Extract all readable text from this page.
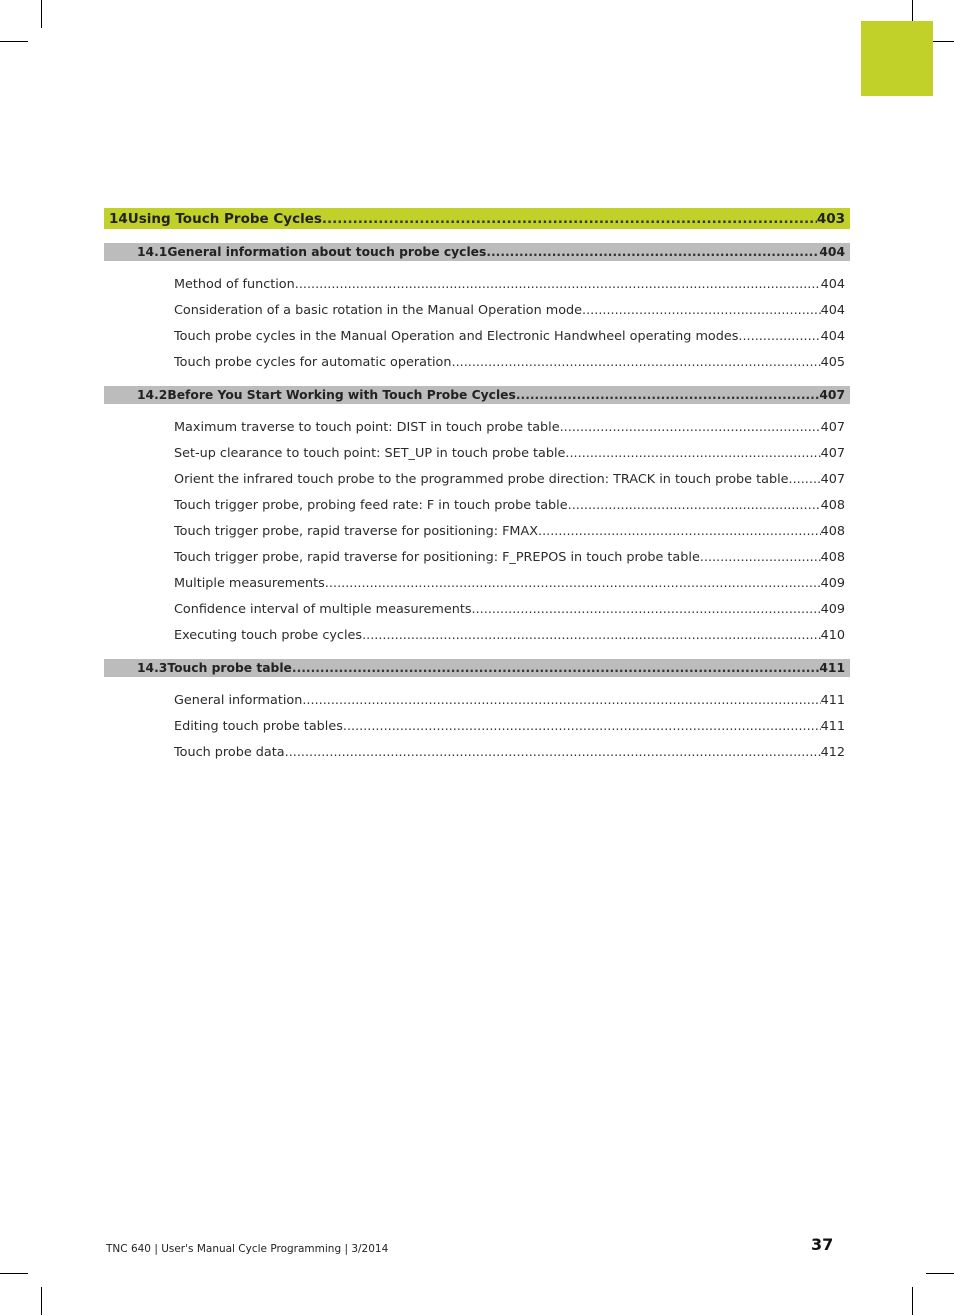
14 Using Touch Probe Cycles .....	403
14.1 General information about touch probe cycles .....	404
Method of function .....	404
Consideration of a basic rotation in the Manual Operation mode .....	404
Touch probe cycles in the Manual Operation and Electronic Handwheel operating modes .....	404
Touch probe cycles for automatic operation .....	405
14.2 Before You Start Working with Touch Probe Cycles .....	407
Maximum traverse to touch point: DIST in touch probe table .....	407
Set-up clearance to touch point: SET_UP in touch probe table .....	407
Orient the infrared touch probe to the programmed probe direction: TRACK in touch probe table .....	407
Touch trigger probe, probing feed rate: F in touch probe table .....	408
Touch trigger probe, rapid traverse for positioning: FMAX .....	408
Touch trigger probe, rapid traverse for positioning: F_PREPOS in touch probe table .....	408
Multiple measurements .....	409
Confidence interval of multiple measurements .....	409
Executing touch probe cycles .....	410
14.3 Touch probe table .....	411
General information .....	411
Editing touch probe tables .....	411
Touch probe data .....	412
TNC 640 | User's Manual Cycle Programming | 3/2014	37
